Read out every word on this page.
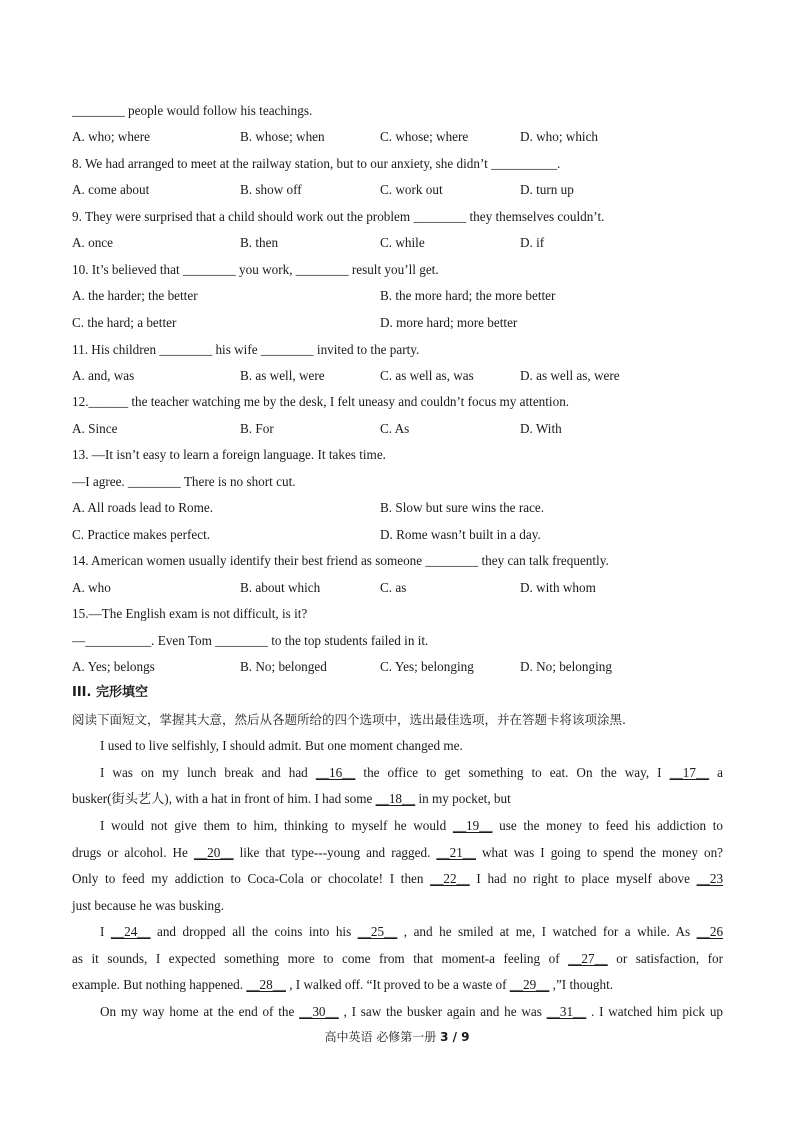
________ people would follow his teachings.
A. who; where	B. whose; when	C. whose; where	D. who; which
8. We had arranged to meet at the railway station, but to our anxiety, she didn’t __________.
A. come about	B. show off	C. work out	D. turn up
9. They were surprised that a child should work out the problem ________ they themselves couldn’t.
A. once	B. then	C. while	D. if
10. It’s believed that ________ you work, ________ result you’ll get.
A. the harder; the better	B. the more hard; the more better
C. the hard; a better	D. more hard; more better
11. His children ________ his wife ________ invited to the party.
A. and, was	B. as well, were	C. as well as, was	D. as well as, were
12.______ the teacher watching me by the desk, I felt uneasy and couldn’t focus my attention.
A. Since	B. For	C. As	D. With
13. —It isn’t easy to learn a foreign language. It takes time.
—I agree. ________ There is no short cut.
A. All roads lead to Rome.	B. Slow but sure wins the race.
C. Practice makes perfect.	D. Rome wasn’t built in a day.
14. American women usually identify their best friend as someone ________ they can talk frequently.
A. who	B. about which	C. as	D. with whom
15.—The English exam is not difficult, is it?
—__________. Even Tom ________ to the top students failed in it.
A. Yes; belongs	B. No; belonged	C. Yes; belonging	D. No; belonging
III. 完形填空
阅读下面短文，掌握其大意，然后从各题所给的四个选项中，选出最佳选项，并在答题卡将该项涂黑.
I used to live selfishly, I should admit. But one moment changed me.
I was on my lunch break and had __16__ the office to get something to eat. On the way, I __17__ a
busker(街头艺人), with a hat in front of him. I had some __18__ in my pocket, but
I would not give them to him, thinking to myself he would __19__ use the money to feed his addiction to
drugs or alcohol. He __20__ like that type---young and ragged. __21__ what was I going to spend the money on?
Only to feed my addiction to Coca-Cola or chocolate! I then __22__ I had no right to place myself above __23
just because he was busking.
I __24__ and dropped all the coins into his __25__ , and he smiled at me, I watched for a while. As __26
as it sounds, I expected something more to come from that moment-a feeling of __27__ or satisfaction, for
example. But nothing happened. __28__ , I walked off. “It proved to be a waste of __29__ ,”I thought.
On my way home at the end of the __30__ , I saw the busker again and he was __31__ . I watched him pick up
高中英语 必修第一册 3 / 9
